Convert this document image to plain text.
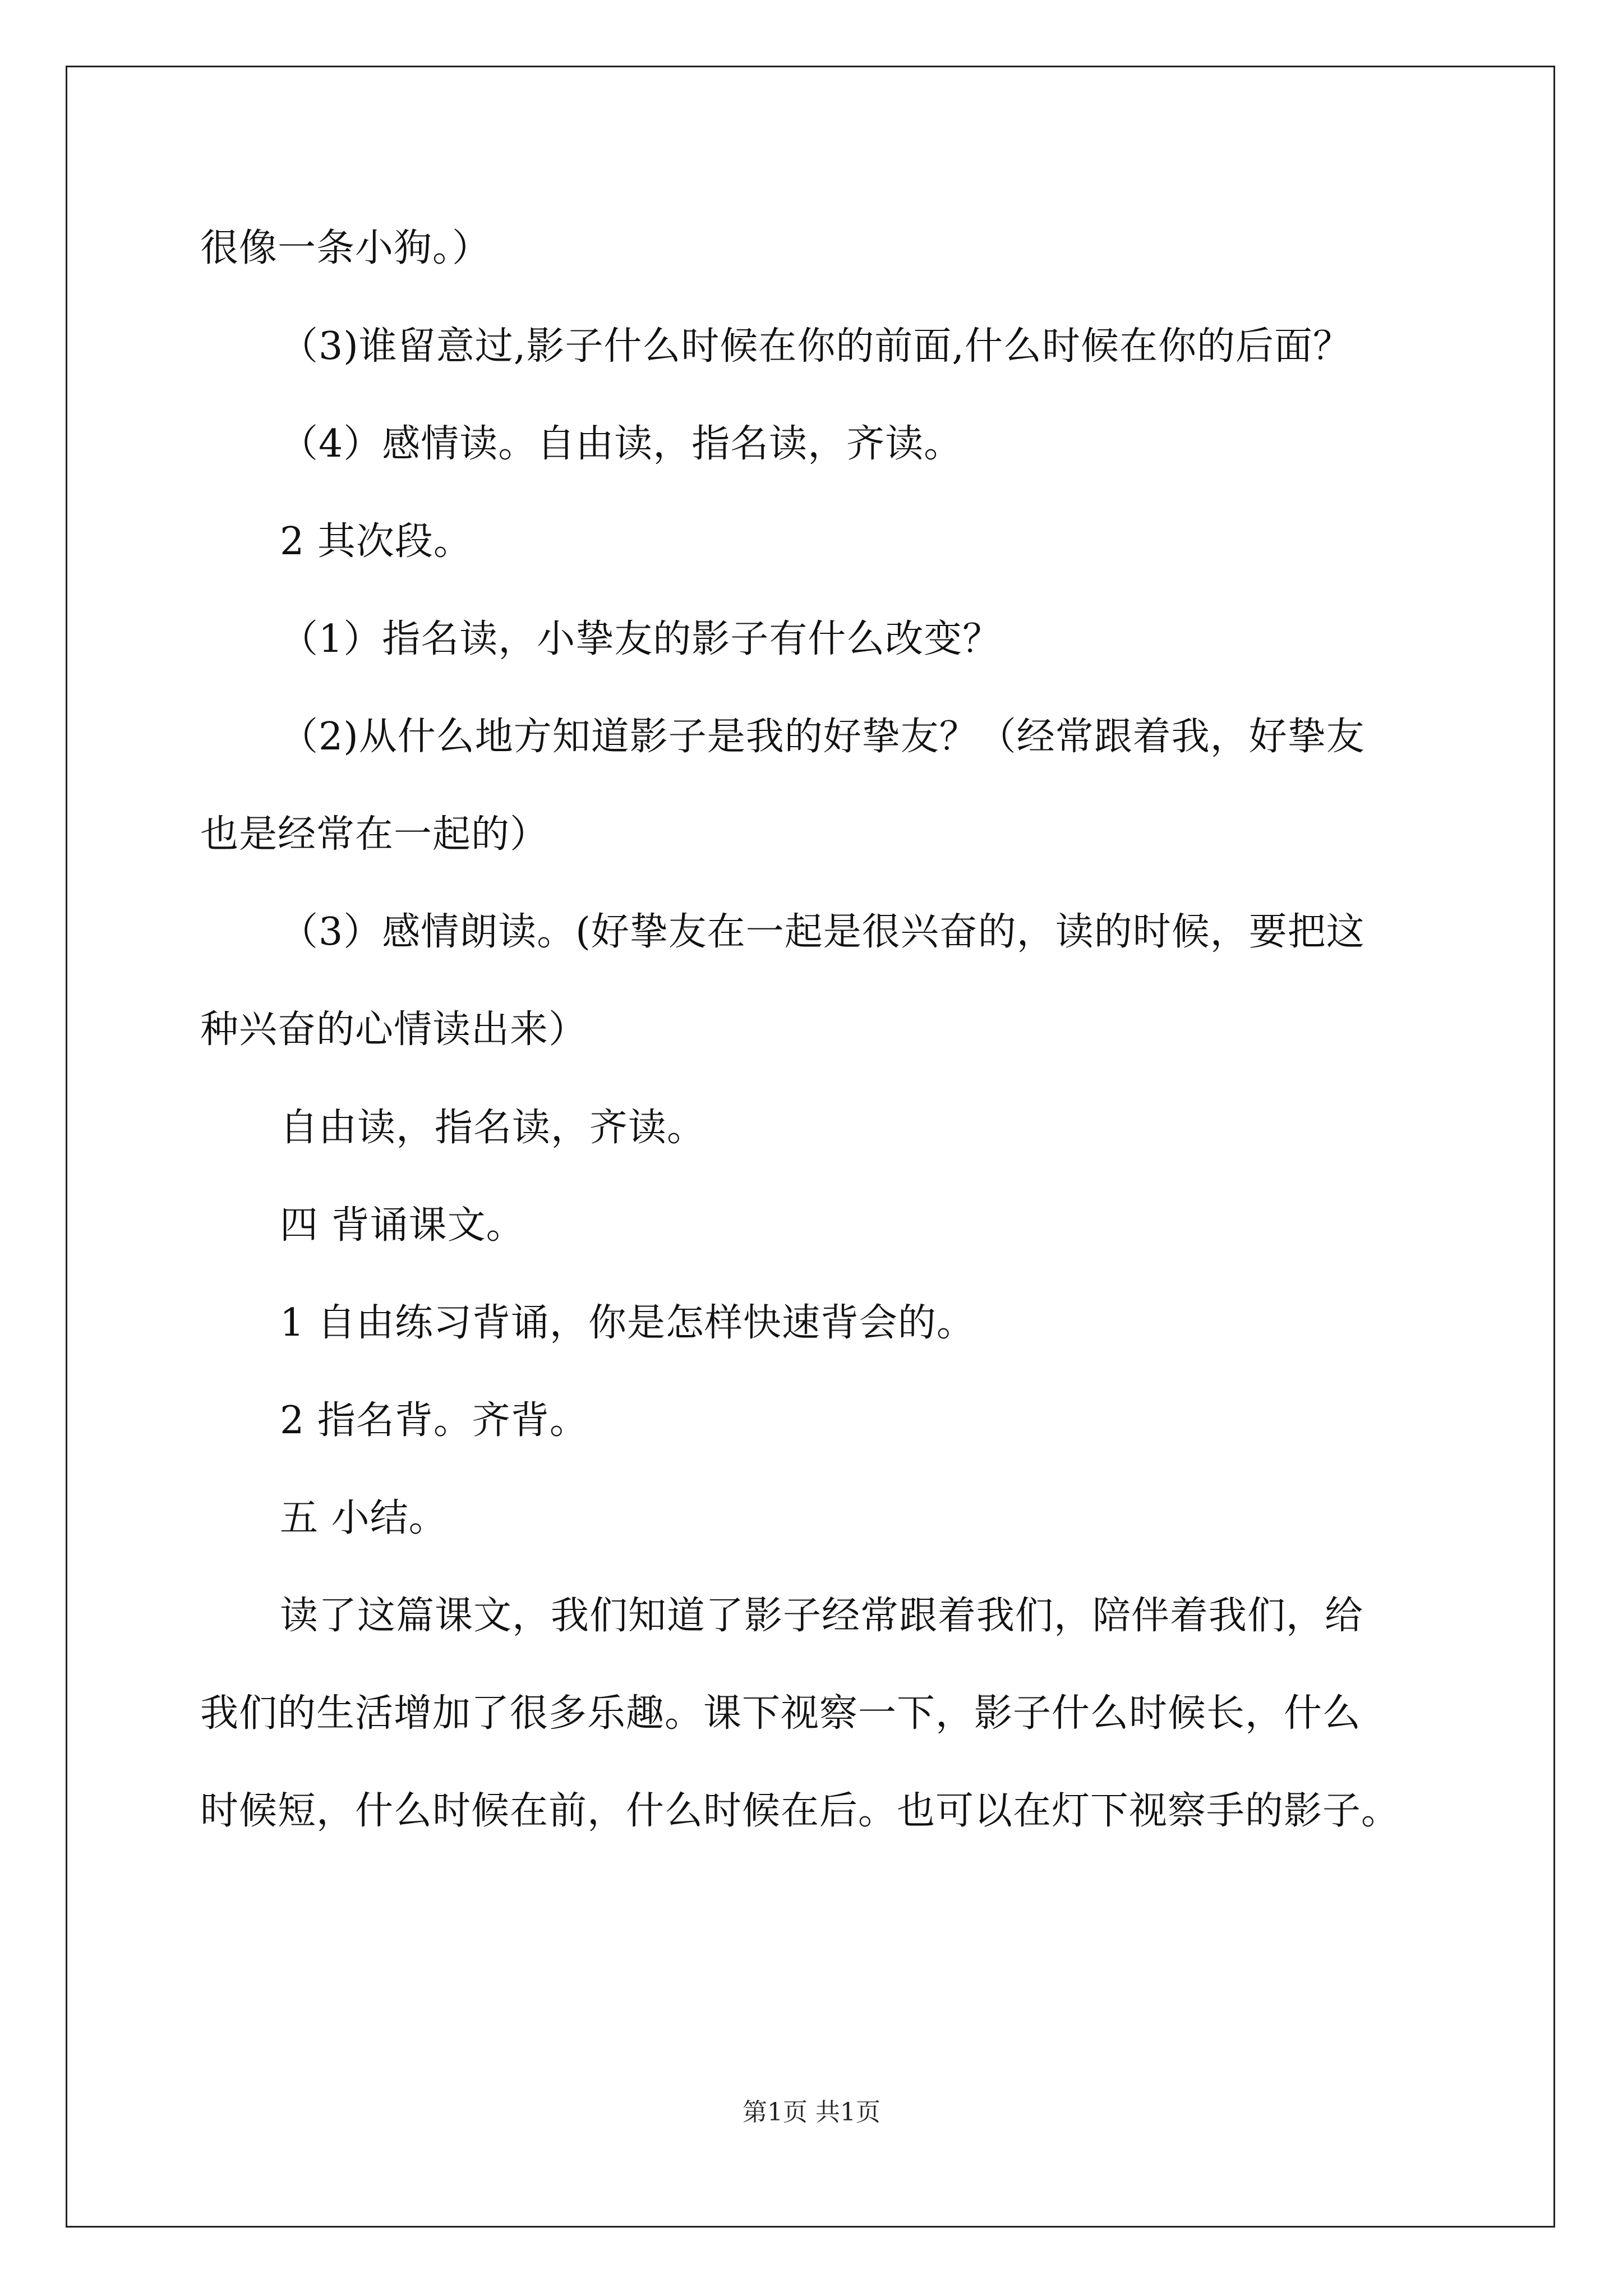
很像一条小狗。）
（3)谁留意过,影子什么时候在你的前面,什么时候在你的后面？
（4）感情读。自由读，指名读，齐读。
2 其次段。
（1）指名读，小挚友的影子有什么改变？
（2)从什么地方知道影子是我的好挚友？（经常跟着我，好挚友
也是经常在一起的）
（3）感情朗读。(好挚友在一起是很兴奋的，读的时候，要把这
种兴奋的心情读出来）
自由读，指名读，齐读。
四 背诵课文。
1 自由练习背诵，你是怎样快速背会的。
2 指名背。齐背。
五 小结。
读了这篇课文，我们知道了影子经常跟着我们，陪伴着我们，给
我们的生活增加了很多乐趣。课下视察一下，影子什么时候长，什么
时候短，什么时候在前，什么时候在后。也可以在灯下视察手的影子。
第1页 共1页
